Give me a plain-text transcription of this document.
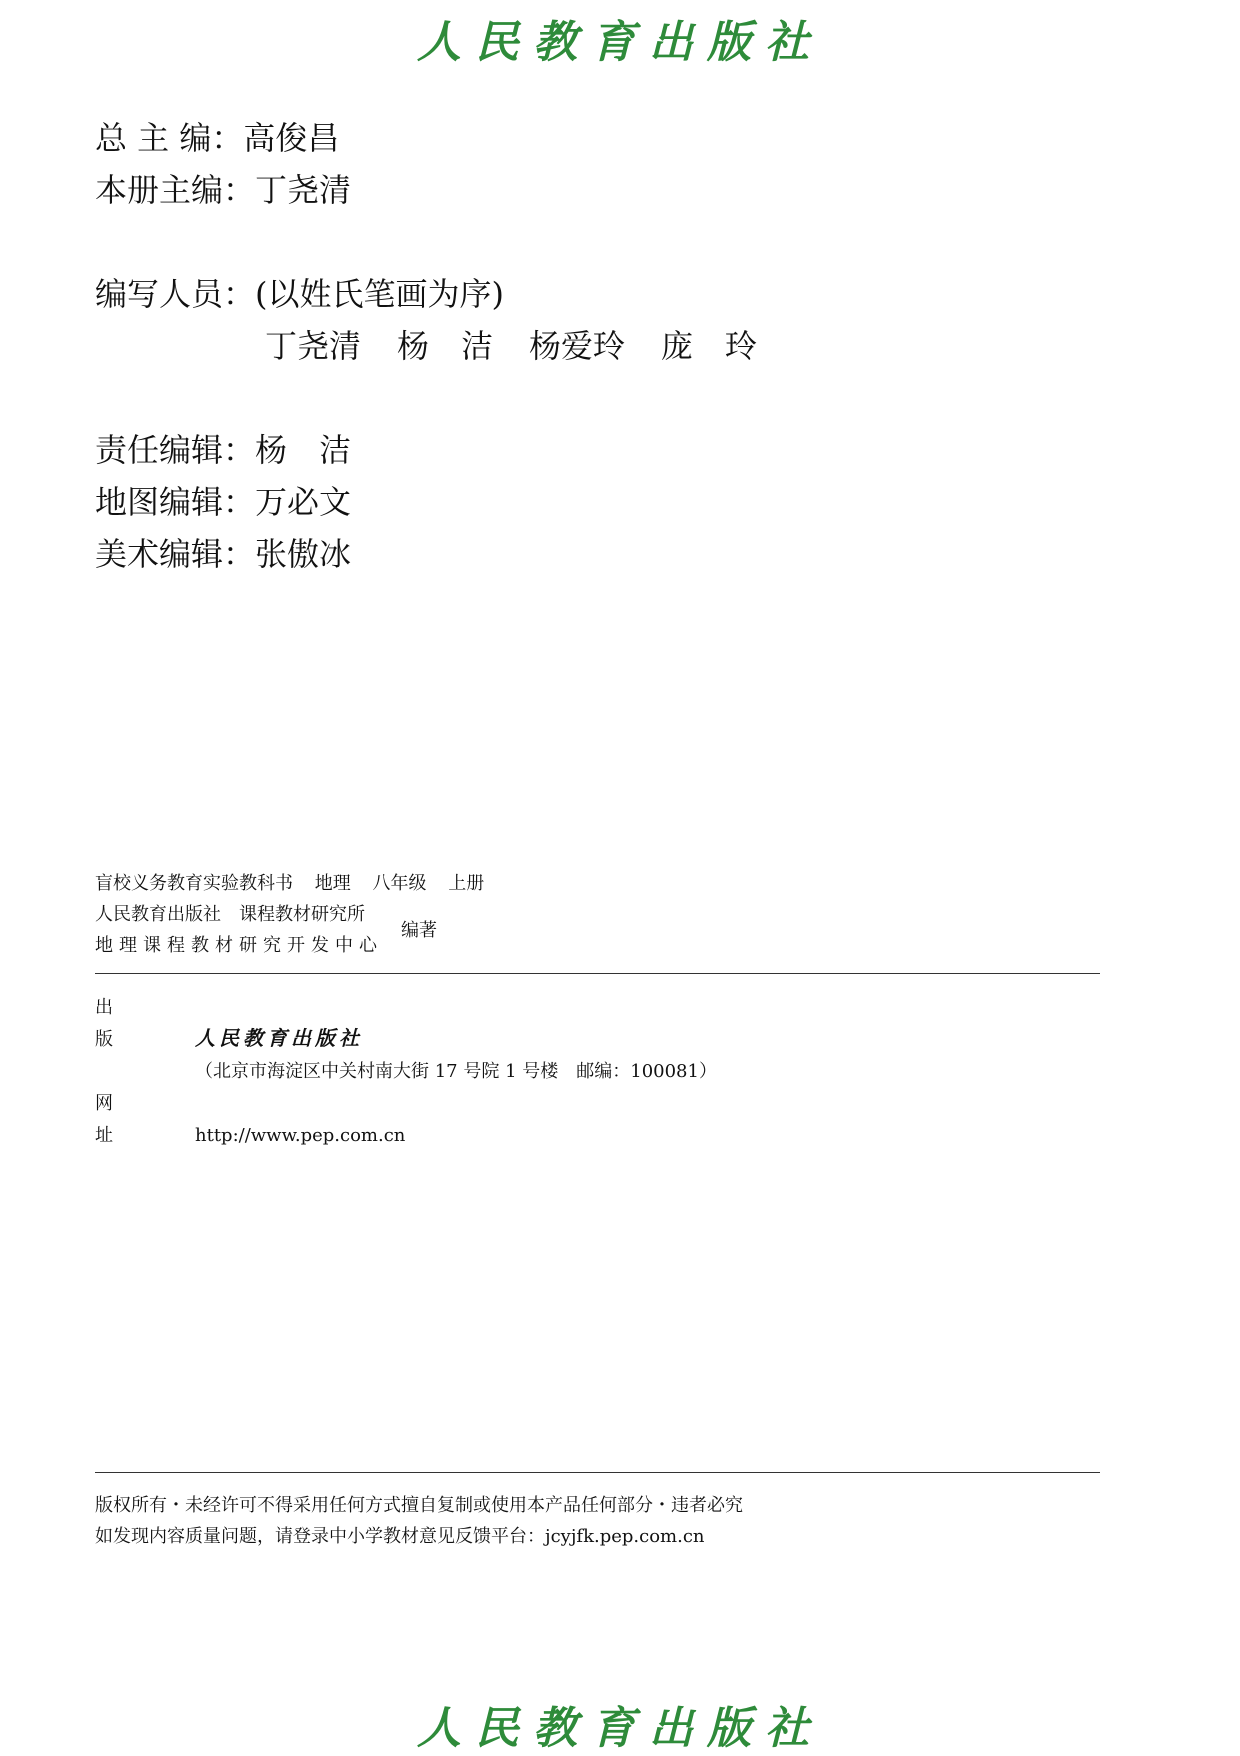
人民教育出版社
总 主 编： 高俊昌
本册主编： 丁尧清
编写人员：(以姓氏笔画为序)
丁尧清 杨　洁 杨爱玲 庞　玲
责任编辑： 杨　洁
地图编辑： 万必文
美术编辑： 张傲冰
盲校义务教育实验教科书 地理 八年级 上册
人民教育出版社　课程教材研究所
地理课程教材研究开发中心
编著
出版 人民教育出版社
（北京市海淀区中关村南大街 17 号院 1 号楼　邮编：100081）
网址	http://www.pep.com.cn
版权所有・未经许可不得采用任何方式擅自复制或使用本产品任何部分・违者必究
如发现内容质量问题，请登录中小学教材意见反馈平台：jcyjfk.pep.com.cn
人民教育出版社
